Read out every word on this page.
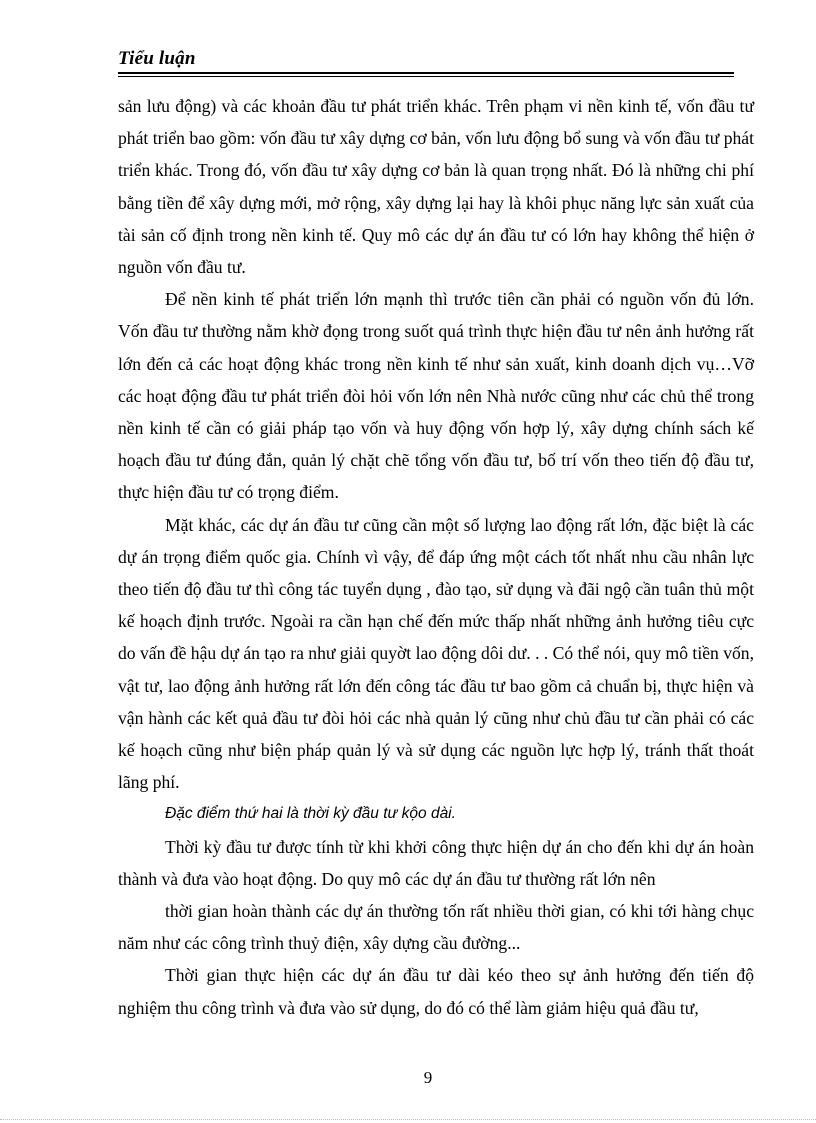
Tiểu luận

sản lưu động) và các khoản đầu tư phát triển khác. Trên phạm vi nền kinh tế, vốn đầu tư phát triển bao gồm: vốn đầu tư xây dựng cơ bản, vốn lưu động bổ sung và vốn đầu tư phát triển khác. Trong đó, vốn đầu tư xây dựng cơ bản là quan trọng nhất. Đó là những chi phí bằng tiền để xây dựng mới, mở rộng, xây dựng lại hay là khôi phục năng lực sản xuất của tài sản cố định trong nền kinh tế. Quy mô các dự án đầu tư có lớn hay không thể hiện ở nguồn vốn đầu tư.

Để nền kinh tế phát triển lớn mạnh thì trước tiên cần phải có nguồn vốn đủ lớn. Vốn đầu tư thường nằm khờ đọng trong suốt quá trình thực hiện đầu tư nên ảnh hưởng rất lớn đến cả các hoạt động khác trong nền kinh tế như sản xuất, kinh doanh dịch vụ…Vỡ các hoạt động đầu tư phát triển đòi hỏi vốn lớn nên Nhà nước cũng như các chủ thể trong nền kinh tế cần có giải pháp tạo vốn và huy động vốn hợp lý, xây dựng chính sách kế hoạch đầu tư đúng đắn, quản lý chặt chẽ tổng vốn đầu tư, bố trí vốn theo tiến độ đầu tư, thực hiện đầu tư có trọng điểm.

Mặt khác, các dự án đầu tư cũng cần một số lượng lao động rất lớn, đặc biệt là các dự án trọng điểm quốc gia. Chính vì vậy, để đáp ứng một cách tốt nhất nhu cầu nhân lực theo tiến độ đầu tư thì công tác tuyển dụng , đào tạo, sử dụng và đãi ngộ cần tuân thủ một kế hoạch định trước. Ngoài ra cần hạn chế đến mức thấp nhất những ảnh hưởng tiêu cực do vấn đề hậu dự án tạo ra như giải quyờt lao động dôi dư. . . Có thể nói, quy mô tiền vốn, vật tư, lao động ảnh hưởng rất lớn đến công tác đầu tư bao gồm cả chuẩn bị, thực hiện và vận hành các kết quả đầu tư đòi hỏi các nhà quản lý cũng như chủ đầu tư cần phải có các kế hoạch cũng như biện pháp quản lý và sử dụng các nguồn lực hợp lý, tránh thất thoát lãng phí.

Đặc điểm thứ hai là thời kỳ đầu tư kộo dài.

Thời kỳ đầu tư được tính từ khi khởi công thực hiện dự án cho đến khi dự án hoàn thành và đưa vào hoạt động. Do quy mô các dự án đầu tư thường rất lớn nên

thời gian hoàn thành các dự án thường tốn rất nhiều thời gian, có khi tới hàng chục năm như các công trình thuỷ điện, xây dựng cầu đường...

Thời gian thực hiện các dự án đầu tư dài kéo theo sự ảnh hưởng đến tiến độ nghiệm thu công trình và đưa vào sử dụng, do đó có thể làm giảm hiệu quả đầu tư,

9
